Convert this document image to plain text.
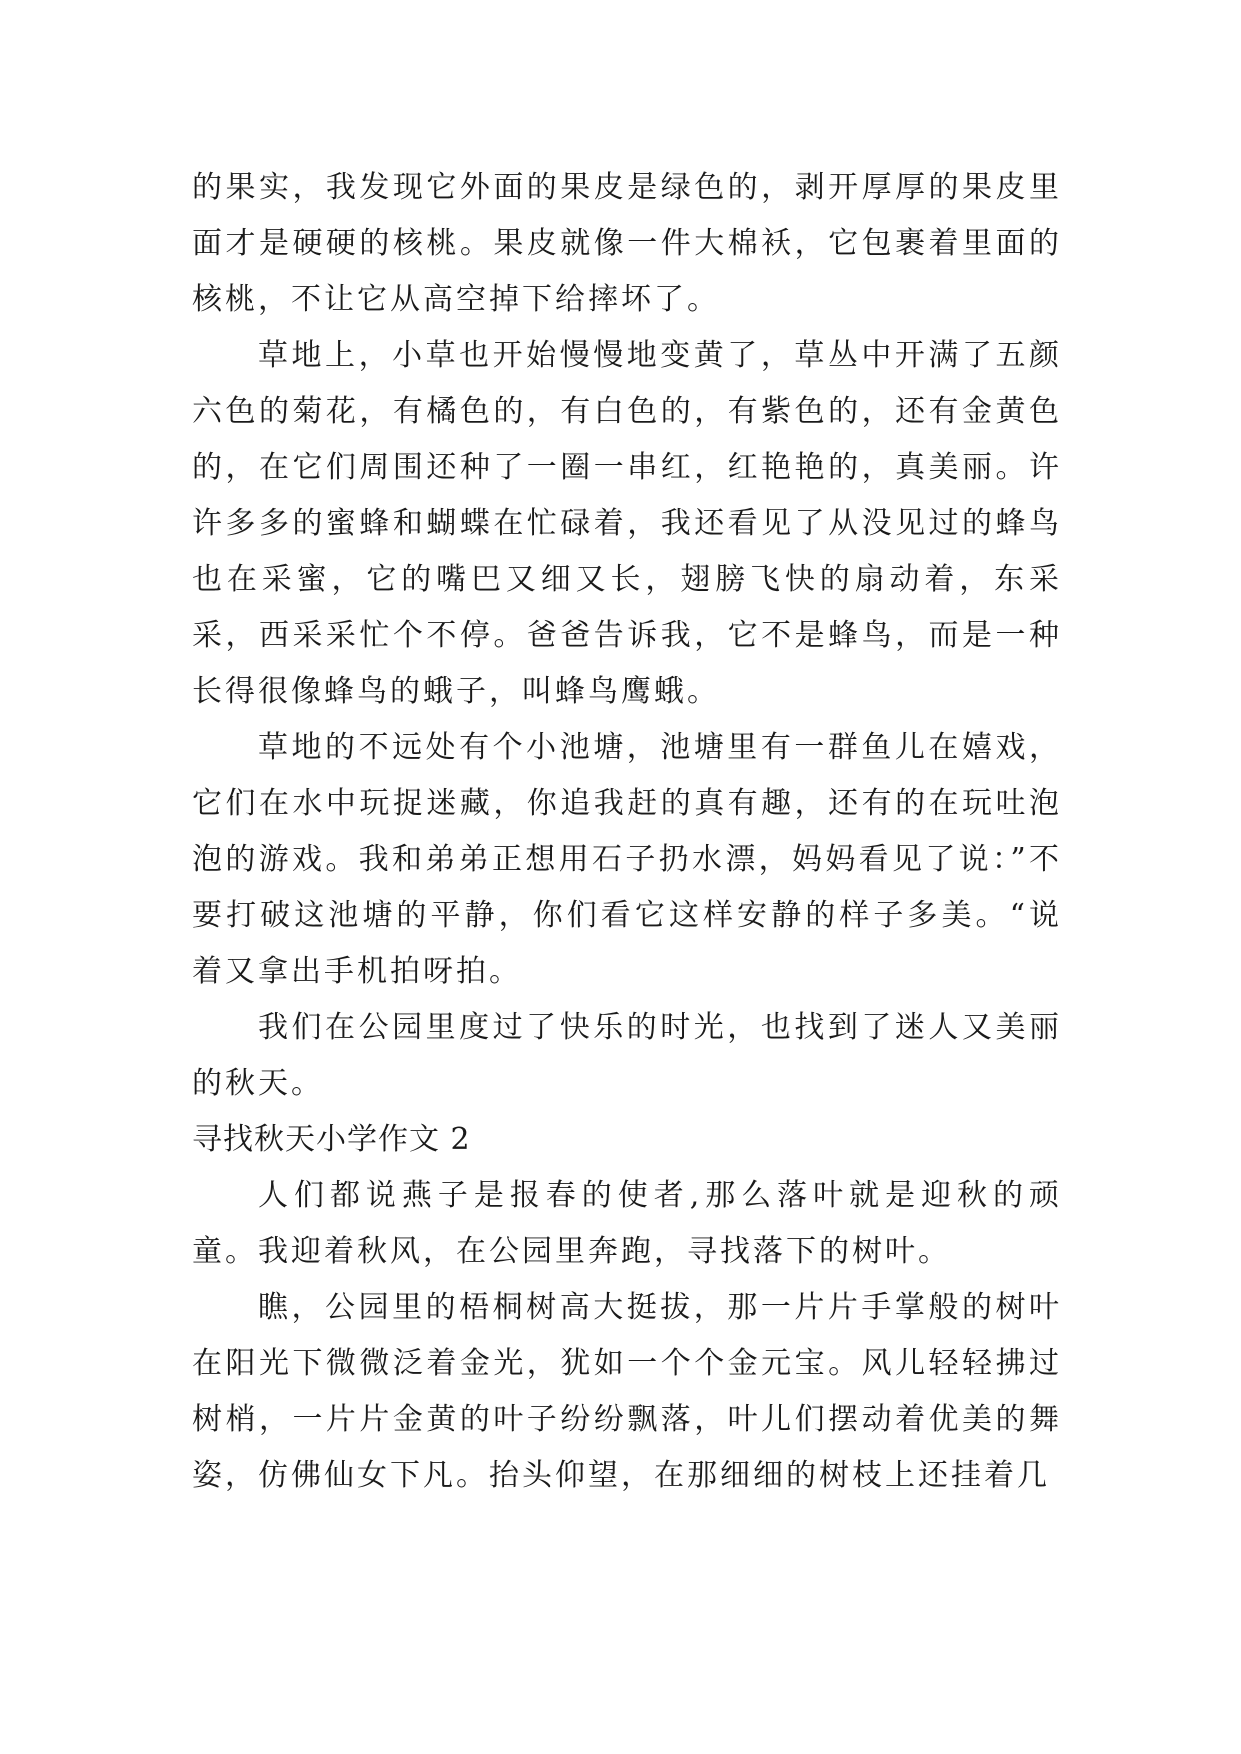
的果实，我发现它外面的果皮是绿色的，剥开厚厚的果皮里面才是硬硬的核桃。果皮就像一件大棉袄，它包裹着里面的核桃，不让它从高空掉下给摔坏了。

草地上，小草也开始慢慢地变黄了，草丛中开满了五颜六色的菊花，有橘色的，有白色的，有紫色的，还有金黄色的，在它们周围还种了一圈一串红，红艳艳的，真美丽。许许多多的蜜蜂和蝴蝶在忙碌着，我还看见了从没见过的蜂鸟也在采蜜，它的嘴巴又细又长，翅膀飞快的扇动着，东采采，西采采忙个不停。爸爸告诉我，它不是蜂鸟，而是一种长得很像蜂鸟的蛾子，叫蜂鸟鹰蛾。

草地的不远处有个小池塘，池塘里有一群鱼儿在嬉戏，它们在水中玩捉迷藏，你追我赶的真有趣，还有的在玩吐泡泡的游戏。我和弟弟正想用石子扔水漂，妈妈看见了说：”不要打破这池塘的平静，你们看它这样安静的样子多美。“说着又拿出手机拍呀拍。

我们在公园里度过了快乐的时光，也找到了迷人又美丽的秋天。

寻找秋天小学作文 2

人们都说燕子是报春的使者,那么落叶就是迎秋的顽童。我迎着秋风，在公园里奔跑，寻找落下的树叶。

瞧，公园里的梧桐树高大挺拔，那一片片手掌般的树叶在阳光下微微泛着金光，犹如一个个金元宝。风儿轻轻拂过树梢，一片片金黄的叶子纷纷飘落，叶儿们摆动着优美的舞姿，仿佛仙女下凡。抬头仰望，在那细细的树枝上还挂着几
